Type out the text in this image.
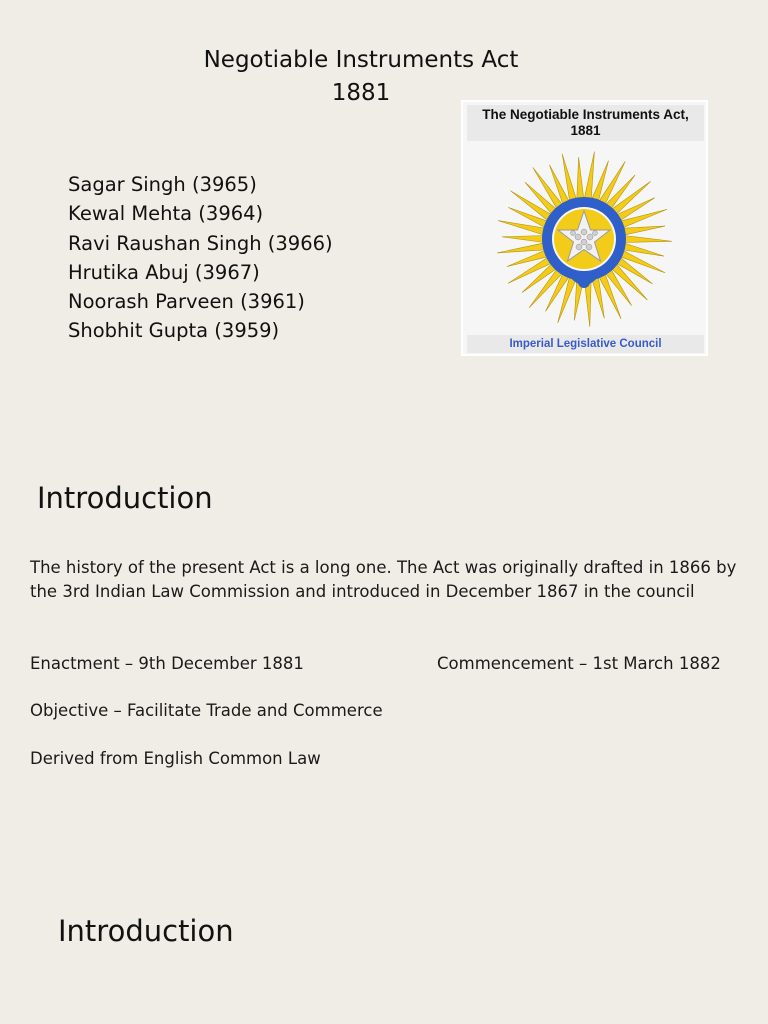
Negotiable Instruments Act
1881
Sagar Singh (3965)
Kewal Mehta (3964)
Ravi Raushan Singh (3966)
Hrutika Abuj (3967)
Noorash Parveen (3961)
Shobhit Gupta (3959)
The Negotiable Instruments Act,
1881
Imperial Legislative Council
Introduction

The history of the present Act is a long one. The Act was originally drafted in 1866 by the 3rd Indian Law Commission and introduced in December 1867 in the council

Enactment – 9th December 1881	Commencement – 1st March 1882

Objective – Facilitate Trade and Commerce

Derived from English Common Law

Introduction
